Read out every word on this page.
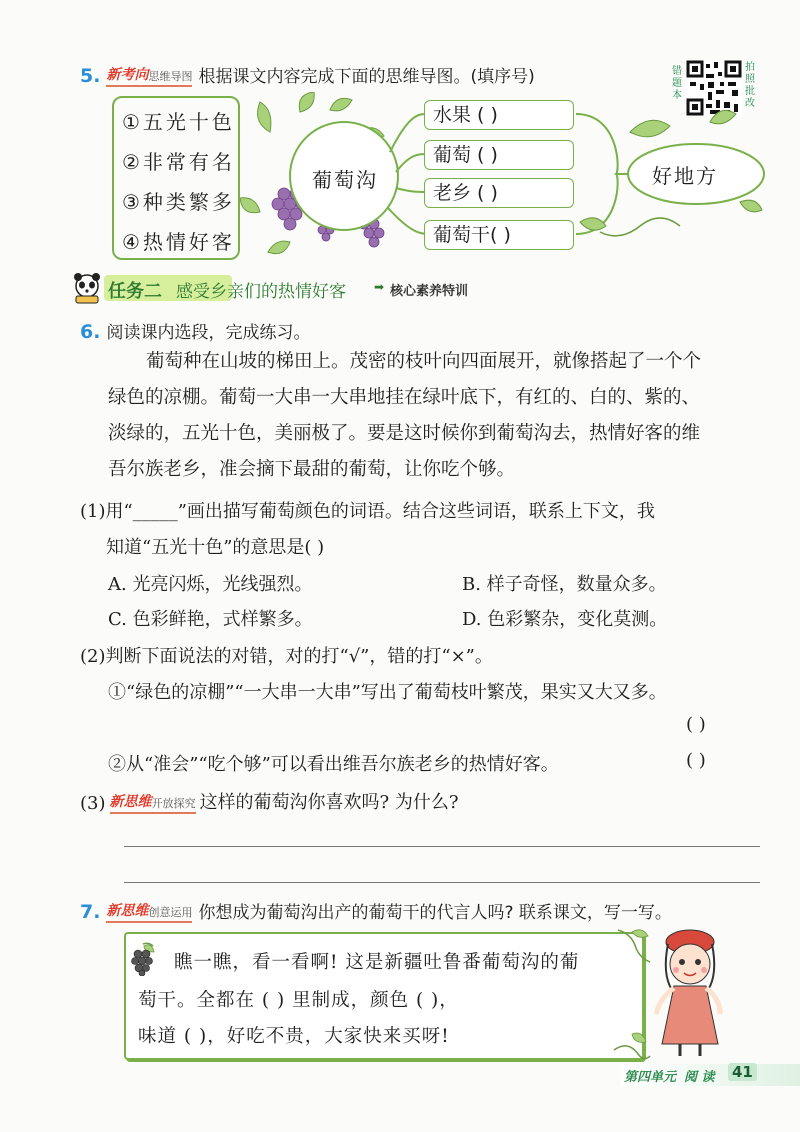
5. 新考向 思维导图 根据课文内容完成下面的思维导图。(填序号)	错题本
拍照批改
①五光十色
②非常有名
③种类繁多
④热情好客
葡萄沟
水果 ( )
葡萄 ( )
老乡 ( )
葡萄干( )
好地方
任务二 感受乡亲们的热情好客 ➡ 核心素养特训
6. 阅读课内选段，完成练习。
葡萄种在山坡的梯田上。茂密的枝叶向四面展开，就像搭起了一个个
绿色的凉棚。葡萄一大串一大串地挂在绿叶底下，有红的、白的、紫的、
淡绿的，五光十色，美丽极了。要是这时候你到葡萄沟去，热情好客的维
吾尔族老乡，准会摘下最甜的葡萄，让你吃个够。
(1)用“_____”画出描写葡萄颜色的词语。结合这些词语，联系上下文，我
知道“五光十色”的意思是( )
A. 光亮闪烁，光线强烈。	B. 样子奇怪，数量众多。
C. 色彩鲜艳，式样繁多。	D. 色彩繁杂，变化莫测。
(2)判断下面说法的对错，对的打“√”，错的打“×”。
①“绿色的凉棚”“一大串一大串”写出了葡萄枝叶繁茂，果实又大又多。
( )
②从“准会”“吃个够”可以看出维吾尔族老乡的热情好客。	( )
(3) 新思维 开放探究 这样的葡萄沟你喜欢吗? 为什么?
7. 新思维 创意运用 你想成为葡萄沟出产的葡萄干的代言人吗? 联系课文，写一写。
瞧一瞧，看一看啊! 这是新疆吐鲁番葡萄沟的葡
萄干。全都在 ( ) 里制成，颜色 ( )，
味道 ( )，好吃不贵，大家快来买呀!
第四单元 阅 读 41
